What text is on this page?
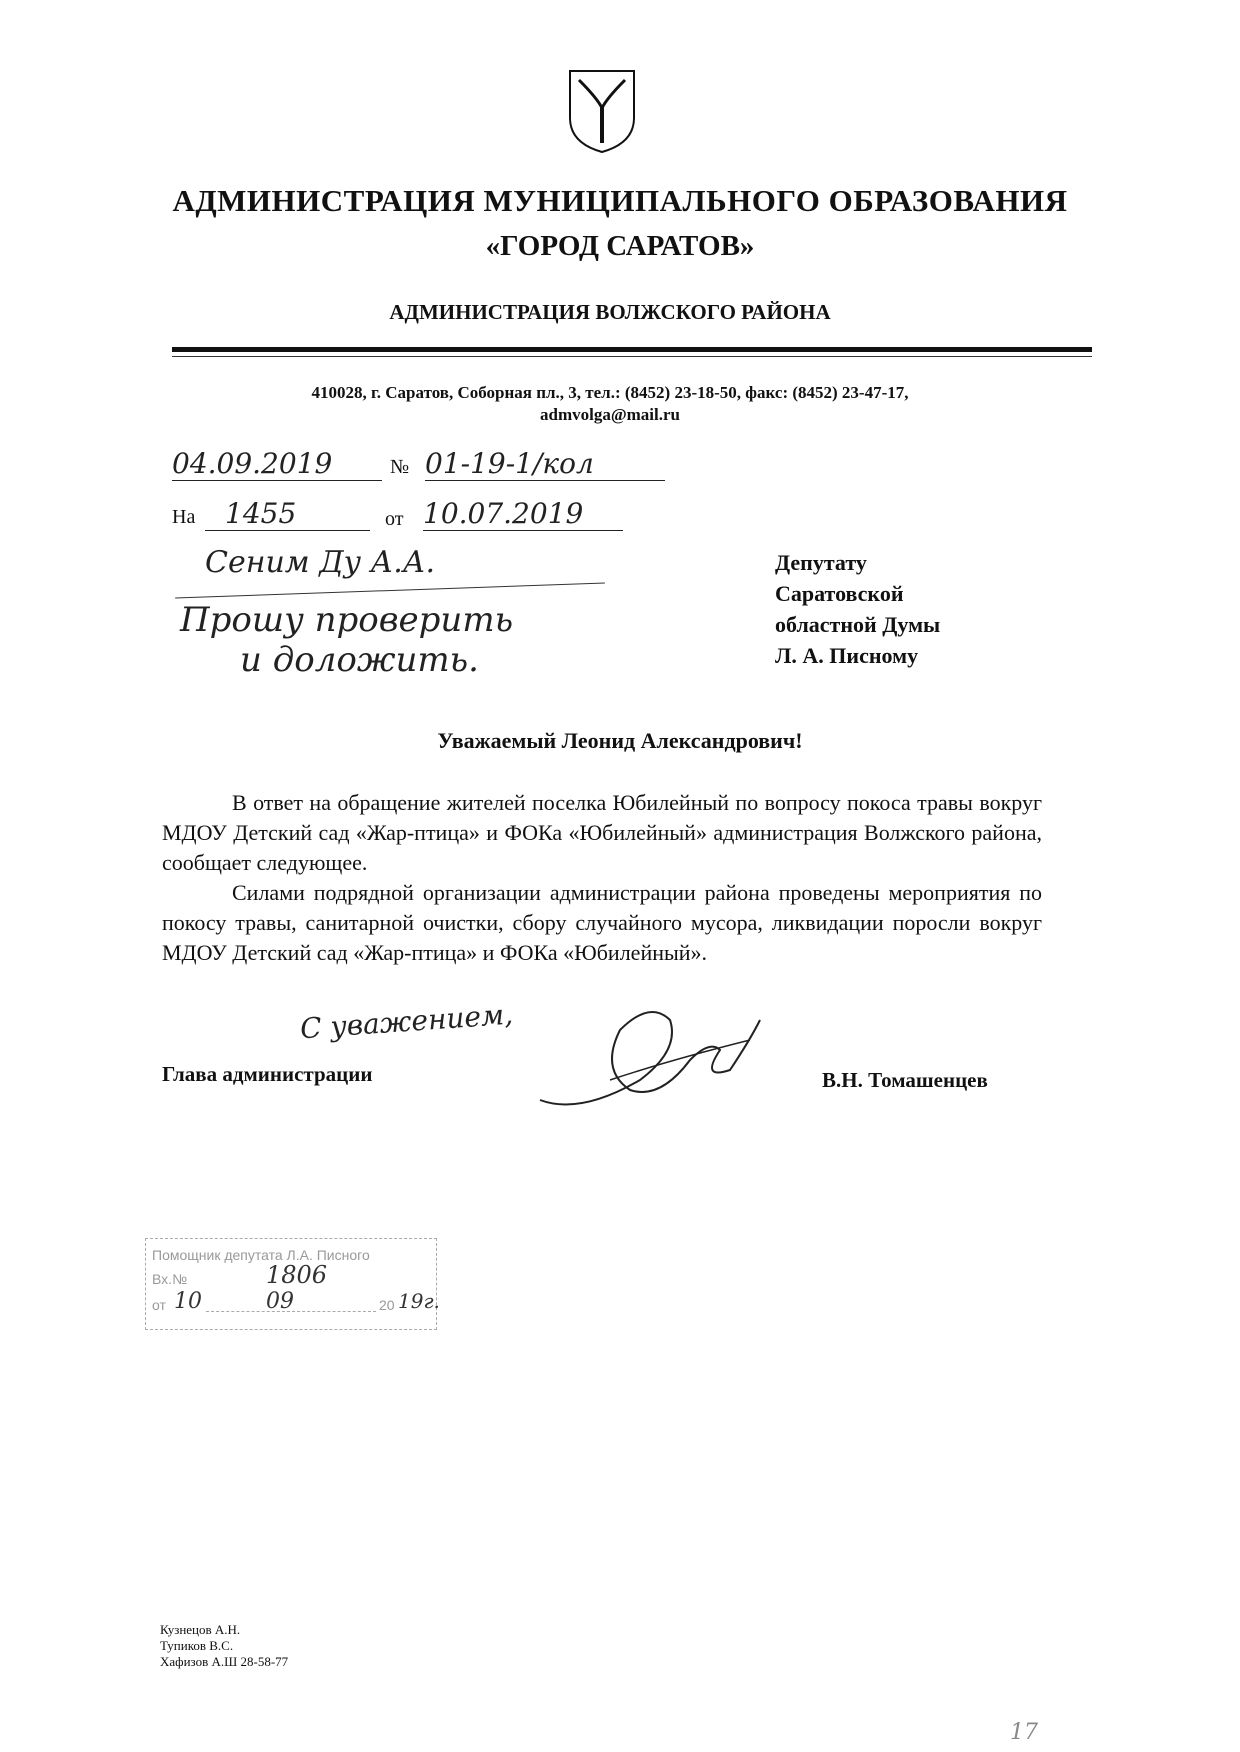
АДМИНИСТРАЦИЯ МУНИЦИПАЛЬНОГО ОБРАЗОВАНИЯ
«ГОРОД САРАТОВ»
АДМИНИСТРАЦИЯ ВОЛЖСКОГО РАЙОНА
410028, г. Саратов, Соборная пл., 3, тел.: (8452) 23-18-50, факс: (8452) 23-47-17,
admvolga@mail.ru
04.09.2019	№ 01-19-1/кол
На	1455	от 10.07.2019
Сеним Ду А.А.
Прошу проверить
и доложить.
Депутату
Саратовской
областной Думы
Л. А. Писному
Уважаемый Леонид Александрович!

В ответ на обращение жителей поселка Юбилейный по вопросу покоса травы вокруг МДОУ Детский сад «Жар-птица» и ФОКа «Юбилейный» администрация Волжского района, сообщает следующее.

Силами подрядной организации администрации района проведены мероприятия по покосу травы, санитарной очистки, сбору случайного мусора, ликвидации поросли вокруг МДОУ Детский сад «Жар-птица» и ФОКа «Юбилейный».

С уважением,
Глава администрации	В.Н. Томашенцев
Помощник депутата Л.А. Писного
Вх.№	1806
от 10	09	20 19г.
Кузнецов А.Н.
Тупиков В.С.
Хафизов А.Ш 28-58-77
17
